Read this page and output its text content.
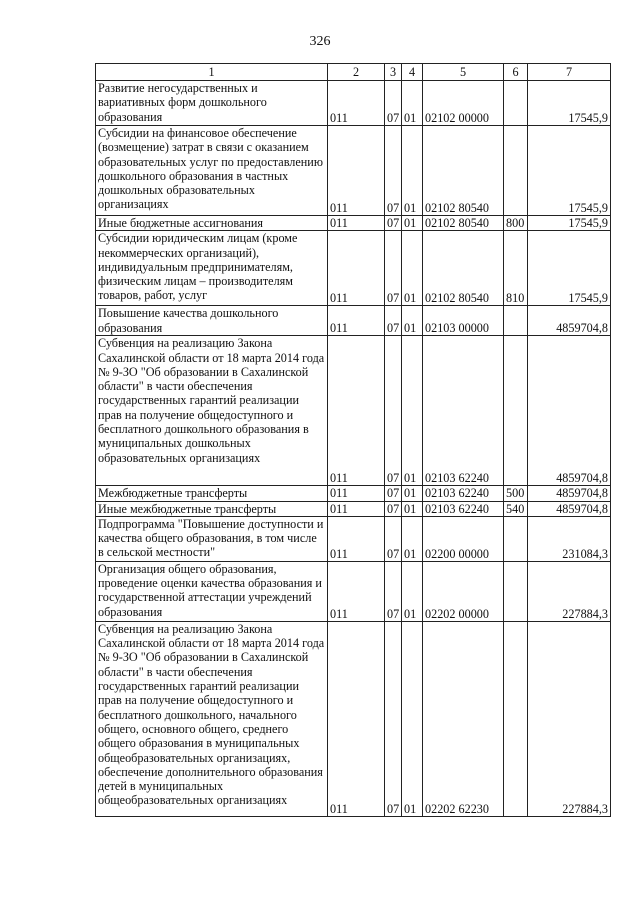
326
1	2	3	4	5	6	7
Развитие негосударственных и вариативных форм дошкольного образования	011	07	01	02102 00000		17545,9
Субсидии на финансовое обеспечение (возмещение) затрат в связи с оказанием образовательных услуг по предоставлению дошкольного образования в частных дошкольных образовательных организациях	011	07	01	02102 80540		17545,9
Иные бюджетные ассигнования	011	07	01	02102 80540	800	17545,9
Субсидии юридическим лицам (кроме некоммерческих организаций), индивидуальным предпринимателям, физическим лицам – производителям товаров, работ, услуг	011	07	01	02102 80540	810	17545,9
Повышение качества дошкольного образования	011	07	01	02103 00000		4859704,8
Субвенция на реализацию Закона Сахалинской области от 18 марта 2014 года № 9-ЗО "Об образовании в Сахалинской области" в части обеспечения государственных гарантий реализации прав на получение общедоступного и бесплатного дошкольного образования в муниципальных дошкольных образовательных организациях	011	07	01	02103 62240		4859704,8
Межбюджетные трансферты	011	07	01	02103 62240	500	4859704,8
Иные межбюджетные трансферты	011	07	01	02103 62240	540	4859704,8
Подпрограмма "Повышение доступности и качества общего образования, в том числе в сельской местности"	011	07	01	02200 00000		231084,3
Организация общего образования, проведение оценки качества образования и государственной аттестации учреждений образования	011	07	01	02202 00000		227884,3
Субвенция на реализацию Закона Сахалинской области от 18 марта 2014 года № 9-ЗО "Об образовании в Сахалинской области" в части обеспечения государственных гарантий реализации прав на получение общедоступного и бесплатного дошкольного, начального общего, основного общего, среднего общего образования в муниципальных общеобразовательных организациях, обеспечение дополнительного образования детей в муниципальных общеобразовательных организациях	011	07	01	02202 62230		227884,3
